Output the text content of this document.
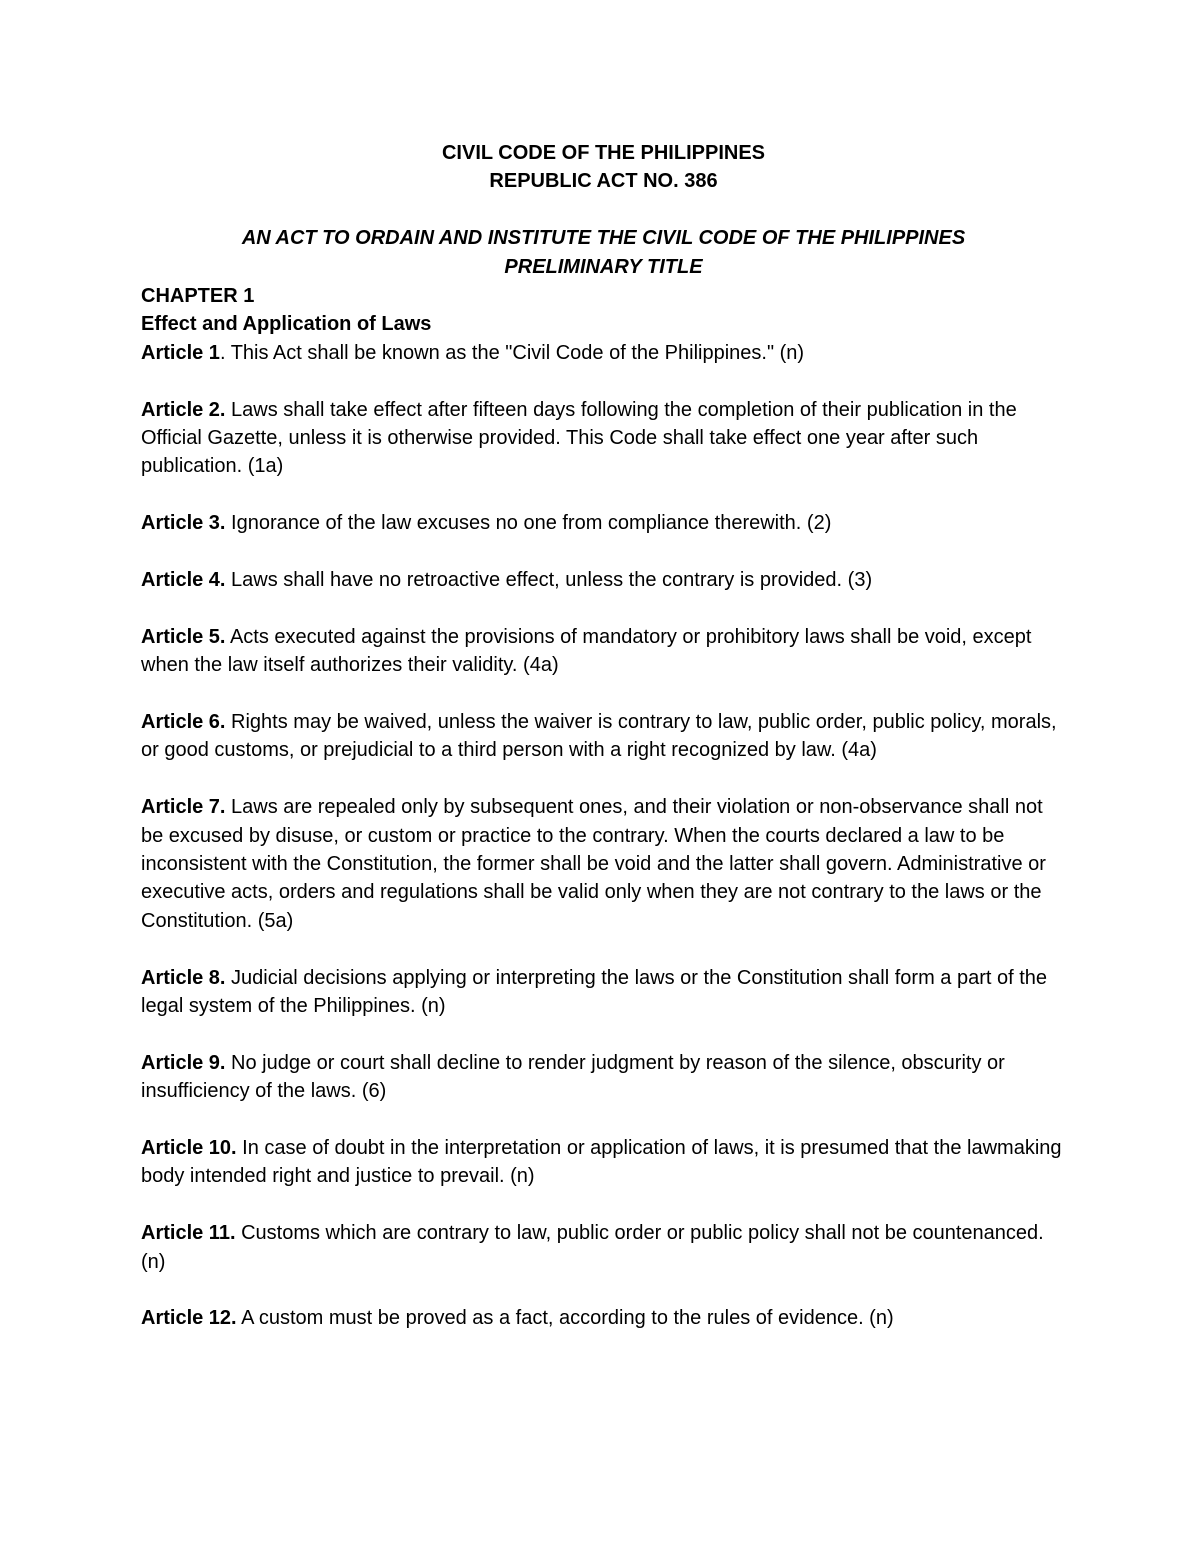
CIVIL CODE OF THE PHILIPPINES

REPUBLIC ACT NO. 386

AN ACT TO ORDAIN AND INSTITUTE THE CIVIL CODE OF THE PHILIPPINES

PRELIMINARY TITLE

CHAPTER 1

Effect and Application of Laws

Article 1. This Act shall be known as the "Civil Code of the Philippines." (n)

Article 2. Laws shall take effect after fifteen days following the completion of their publication in the Official Gazette, unless it is otherwise provided. This Code shall take effect one year after such publication. (1a)

Article 3. Ignorance of the law excuses no one from compliance therewith. (2)

Article 4. Laws shall have no retroactive effect, unless the contrary is provided. (3)

Article 5. Acts executed against the provisions of mandatory or prohibitory laws shall be void, except when the law itself authorizes their validity. (4a)

Article 6. Rights may be waived, unless the waiver is contrary to law, public order, public policy, morals, or good customs, or prejudicial to a third person with a right recognized by law. (4a)

Article 7. Laws are repealed only by subsequent ones, and their violation or non-observance shall not be excused by disuse, or custom or practice to the contrary. When the courts declared a law to be inconsistent with the Constitution, the former shall be void and the latter shall govern. Administrative or executive acts, orders and regulations shall be valid only when they are not contrary to the laws or the Constitution. (5a)

Article 8. Judicial decisions applying or interpreting the laws or the Constitution shall form a part of the legal system of the Philippines. (n)

Article 9. No judge or court shall decline to render judgment by reason of the silence, obscurity or insufficiency of the laws. (6)

Article 10. In case of doubt in the interpretation or application of laws, it is presumed that the lawmaking body intended right and justice to prevail. (n)

Article 11. Customs which are contrary to law, public order or public policy shall not be countenanced. (n)

Article 12. A custom must be proved as a fact, according to the rules of evidence. (n)
